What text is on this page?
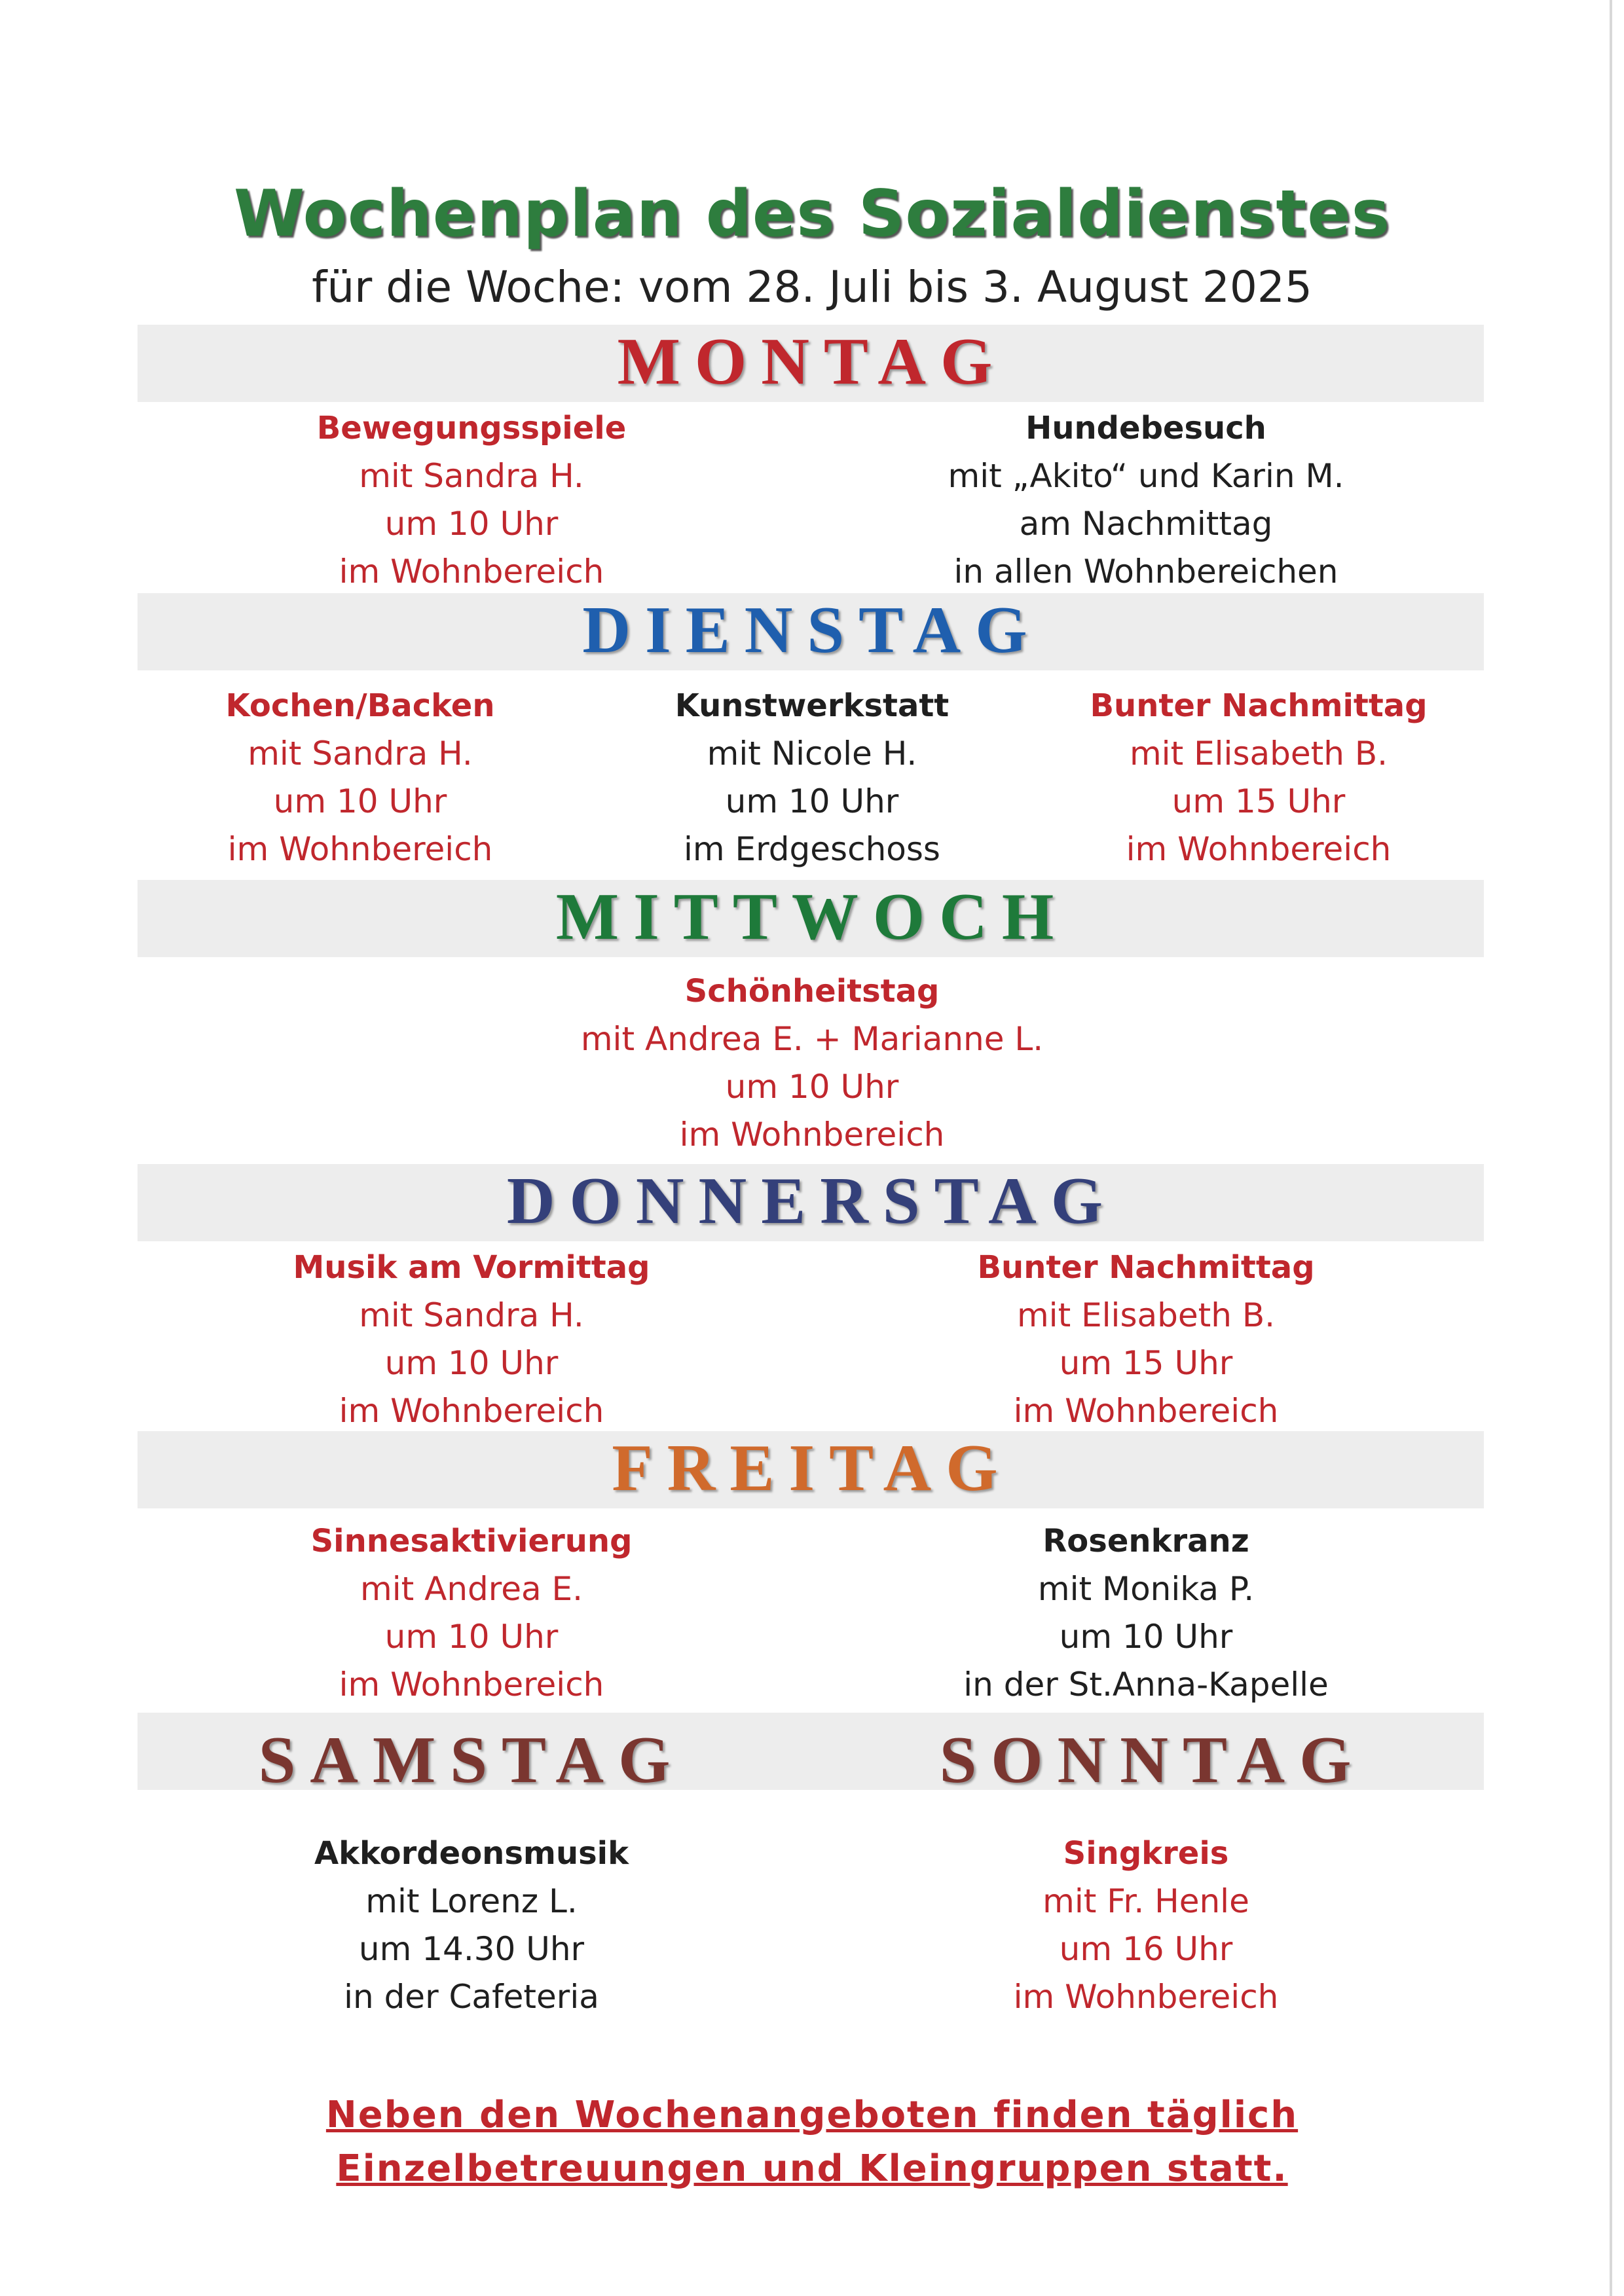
Wochenplan des Sozialdienstes
für die Woche: vom 28. Juli bis 3. August 2025
MONTAG
Bewegungsspiele
mit Sandra H.
um 10 Uhr
im Wohnbereich
Hundebesuch
mit „Akito“ und Karin M.
am Nachmittag
in allen Wohnbereichen
DIENSTAG
Kochen/Backen
mit Sandra H.
um 10 Uhr
im Wohnbereich
Kunstwerkstatt
mit Nicole H.
um 10 Uhr
im Erdgeschoss
Bunter Nachmittag
mit Elisabeth B.
um 15 Uhr
im Wohnbereich
MITTWOCH
Schönheitstag
mit Andrea E. + Marianne L.
um 10 Uhr
im Wohnbereich
DONNERSTAG
Musik am Vormittag
mit Sandra H.
um 10 Uhr
im Wohnbereich
Bunter Nachmittag
mit Elisabeth B.
um 15 Uhr
im Wohnbereich
FREITAG
Sinnesaktivierung
mit Andrea E.
um 10 Uhr
im Wohnbereich
Rosenkranz
mit Monika P.
um 10 Uhr
in der St.Anna-Kapelle
SAMSTAG	SONNTAG
Akkordeonsmusik
mit Lorenz L.
um 14.30 Uhr
in der Cafeteria
Singkreis
mit Fr. Henle
um 16 Uhr
im Wohnbereich
Neben den Wochenangeboten finden täglich
Einzelbetreuungen und Kleingruppen statt.
